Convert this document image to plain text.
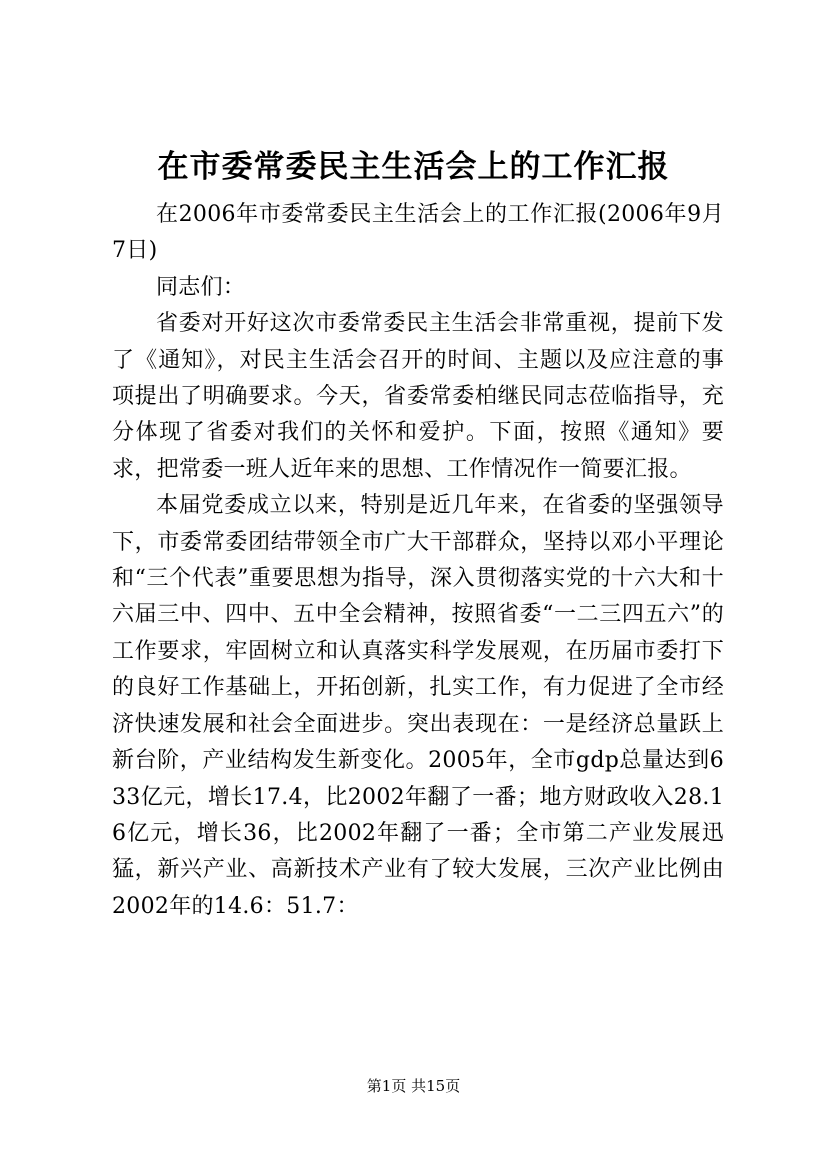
在市委常委民主生活会上的工作汇报

在2006年市委常委民主生活会上的工作汇报(2006年9月7日)

同志们：

省委对开好这次市委常委民主生活会非常重视，提前下发了《通知》，对民主生活会召开的时间、主题以及应注意的事项提出了明确要求。今天，省委常委柏继民同志莅临指导，充分体现了省委对我们的关怀和爱护。下面，按照《通知》要求，把常委一班人近年来的思想、工作情况作一简要汇报。

本届党委成立以来，特别是近几年来，在省委的坚强领导下，市委常委团结带领全市广大干部群众，坚持以邓小平理论和“三个代表”重要思想为指导，深入贯彻落实党的十六大和十六届三中、四中、五中全会精神，按照省委“一二三四五六”的工作要求，牢固树立和认真落实科学发展观，在历届市委打下的良好工作基础上，开拓创新，扎实工作，有力促进了全市经济快速发展和社会全面进步。突出表现在：一是经济总量跃上新台阶，产业结构发生新变化。2005年，全市gdp总量达到633亿元，增长17.4，比2002年翻了一番；地方财政收入28.16亿元，增长36，比2002年翻了一番；全市第二产业发展迅猛，新兴产业、高新技术产业有了较大发展，三次产业比例由2002年的14.6：51.7：

第1页 共15页
